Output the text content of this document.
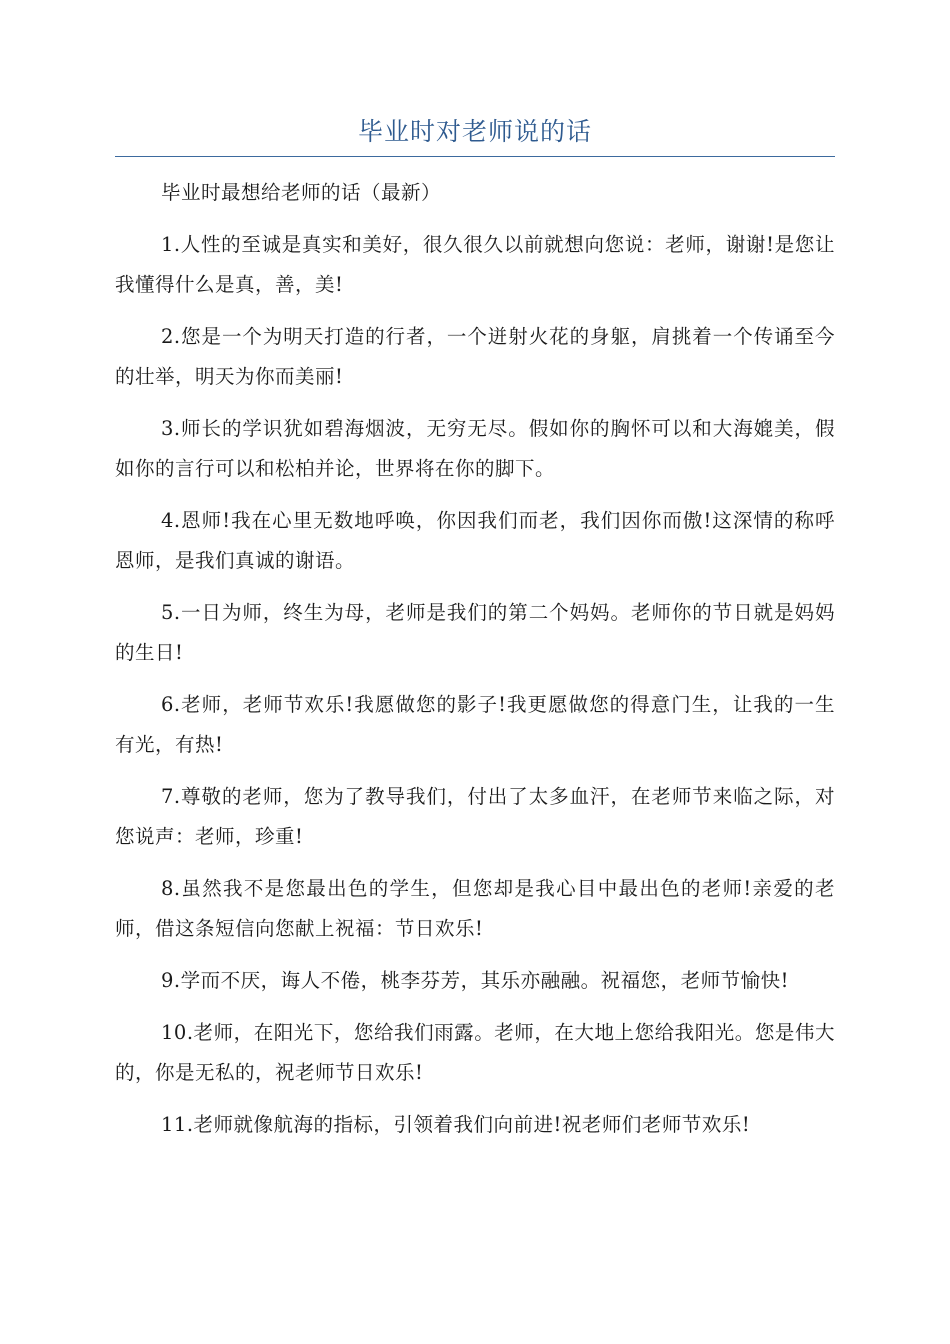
毕业时对老师说的话

毕业时最想给老师的话（最新）

1.人性的至诚是真实和美好，很久很久以前就想向您说：老师，谢谢!是您让我懂得什么是真，善，美!

2.您是一个为明天打造的行者，一个迸射火花的身躯，肩挑着一个传诵至今的壮举，明天为你而美丽!

3.师长的学识犹如碧海烟波，无穷无尽。假如你的胸怀可以和大海媲美，假如你的言行可以和松柏并论，世界将在你的脚下。

4.恩师!我在心里无数地呼唤，你因我们而老，我们因你而傲!这深情的称呼恩师，是我们真诚的谢语。

5.一日为师，终生为母，老师是我们的第二个妈妈。老师你的节日就是妈妈的生日!

6.老师，老师节欢乐!我愿做您的影子!我更愿做您的得意门生，让我的一生有光，有热!

7.尊敬的老师，您为了教导我们，付出了太多血汗，在老师节来临之际，对您说声：老师，珍重!

8.虽然我不是您最出色的学生，但您却是我心目中最出色的老师!亲爱的老师，借这条短信向您献上祝福：节日欢乐!

9.学而不厌，诲人不倦，桃李芬芳，其乐亦融融。祝福您，老师节愉快!

10.老师，在阳光下，您给我们雨露。老师，在大地上您给我阳光。您是伟大的，你是无私的，祝老师节日欢乐!

11.老师就像航海的指标，引领着我们向前进!祝老师们老师节欢乐!
